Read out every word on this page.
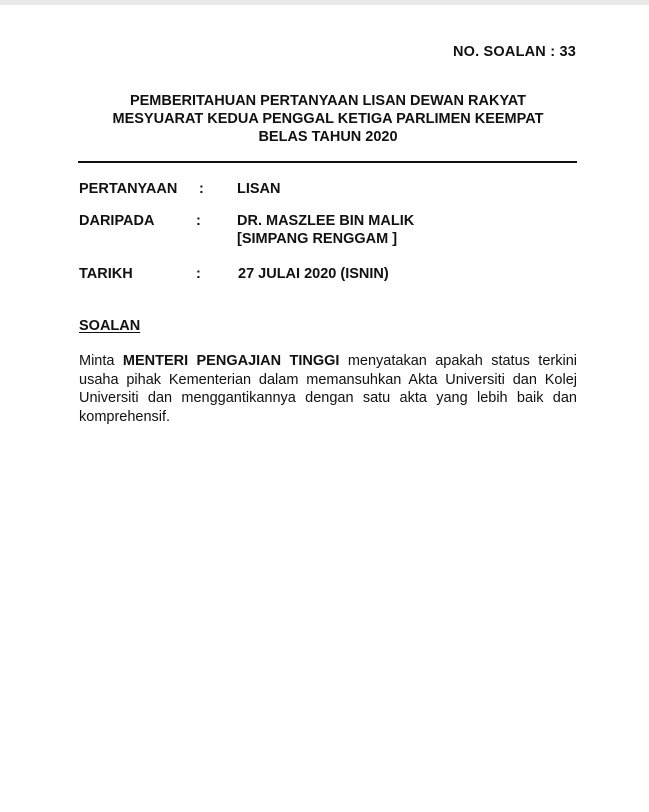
NO. SOALAN : 33
PEMBERITAHUAN PERTANYAAN LISAN DEWAN RAKYAT
MESYUARAT KEDUA PENGGAL KETIGA PARLIMEN KEEMPAT
BELAS TAHUN 2020
PERTANYAAN : LISAN
DARIPADA	: DR. MASZLEE BIN MALIK
[SIMPANG RENGGAM ]
TARIKH	:	27 JULAI 2020 (ISNIN)
SOALAN
Minta MENTERI PENGAJIAN TINGGI menyatakan apakah status terkini usaha pihak Kementerian dalam memansuhkan Akta Universiti dan Kolej Universiti dan menggantikannya dengan satu akta yang lebih baik dan komprehensif.
